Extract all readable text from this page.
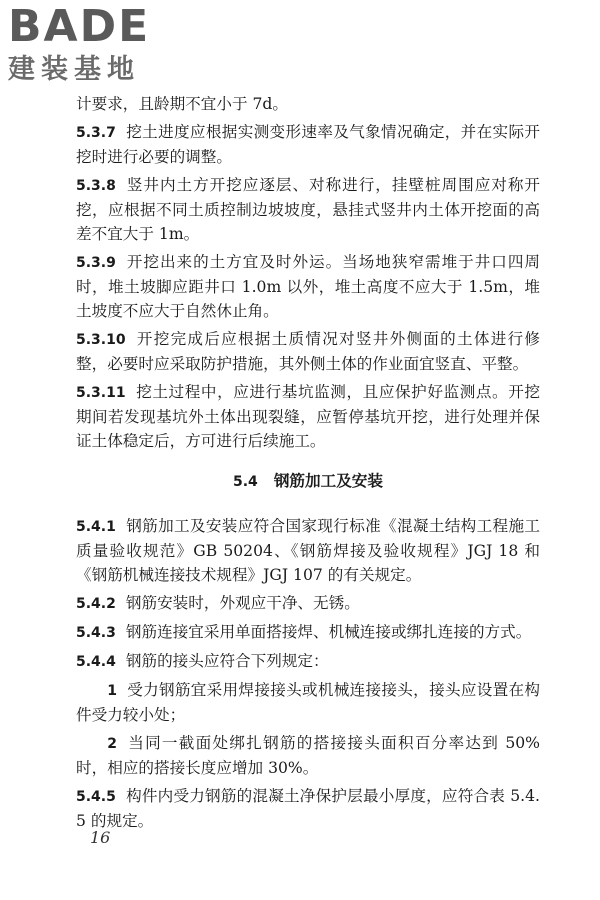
BADE
建装基地

计要求，且龄期不宜小于 7d。

5.3.7 挖土进度应根据实测变形速率及气象情况确定，并在实际开挖时进行必要的调整。

5.3.8 竖井内土方开挖应逐层、对称进行，挂壁桩周围应对称开挖，应根据不同土质控制边坡坡度，悬挂式竖井内土体开挖面的高差不宜大于 1m。

5.3.9 开挖出来的土方宜及时外运。当场地狭窄需堆于井口四周时，堆土坡脚应距井口 1.0m 以外，堆土高度不应大于 1.5m，堆土坡度不应大于自然休止角。

5.3.10 开挖完成后应根据土质情况对竖井外侧面的土体进行修整，必要时应采取防护措施，其外侧土体的作业面宜竖直、平整。

5.3.11 挖土过程中，应进行基坑监测，且应保护好监测点。开挖期间若发现基坑外土体出现裂缝，应暂停基坑开挖，进行处理并保证土体稳定后，方可进行后续施工。

5.4 钢筋加工及安装

5.4.1 钢筋加工及安装应符合国家现行标准《混凝土结构工程施工质量验收规范》GB 50204、《钢筋焊接及验收规程》JGJ 18 和《钢筋机械连接技术规程》JGJ 107 的有关规定。

5.4.2 钢筋安装时，外观应干净、无锈。

5.4.3 钢筋连接宜采用单面搭接焊、机械连接或绑扎连接的方式。

5.4.4 钢筋的接头应符合下列规定：

1 受力钢筋宜采用焊接接头或机械连接接头，接头应设置在构件受力较小处；

2 当同一截面处绑扎钢筋的搭接接头面积百分率达到 50% 时，相应的搭接长度应增加 30%。

5.4.5 构件内受力钢筋的混凝土净保护层最小厚度，应符合表 5.4.5 的规定。

16
